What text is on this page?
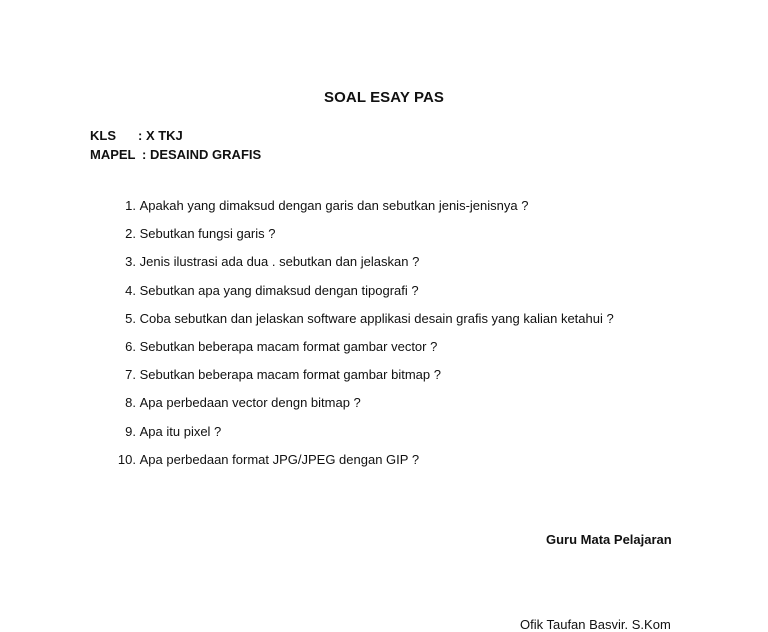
SOAL ESAY PAS
KLS : X TKJ
MAPEL : DESAIND GRAFIS
1. Apakah yang dimaksud dengan garis dan sebutkan jenis-jenisnya ?
2. Sebutkan fungsi garis ?
3. Jenis ilustrasi ada dua . sebutkan dan jelaskan ?
4. Sebutkan apa yang dimaksud dengan tipografi ?
5. Coba sebutkan dan jelaskan software applikasi desain grafis yang kalian ketahui ?
6. Sebutkan beberapa macam format gambar vector ?
7. Sebutkan beberapa macam format gambar bitmap ?
8. Apa perbedaan vector dengn bitmap ?
9. Apa itu pixel ?
10. Apa perbedaan format JPG/JPEG dengan GIP ?
Guru Mata Pelajaran
Ofik Taufan Basvir. S.Kom
